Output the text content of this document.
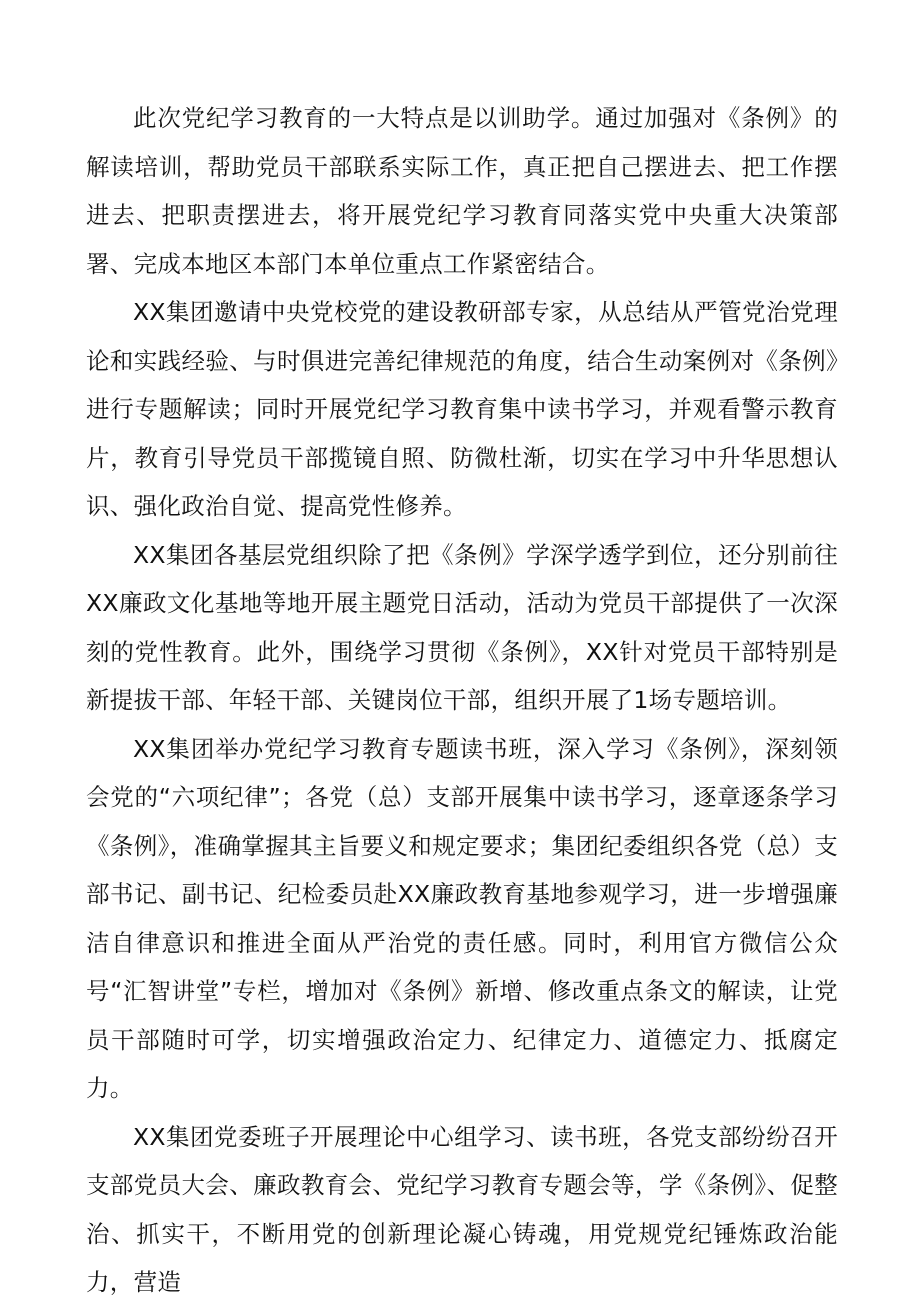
此次党纪学习教育的一大特点是以训助学。通过加强对《条例》的解读培训，帮助党员干部联系实际工作，真正把自己摆进去、把工作摆进去、把职责摆进去，将开展党纪学习教育同落实党中央重大决策部署、完成本地区本部门本单位重点工作紧密结合。

XX集团邀请中央党校党的建设教研部专家，从总结从严管党治党理论和实践经验、与时俱进完善纪律规范的角度，结合生动案例对《条例》进行专题解读；同时开展党纪学习教育集中读书学习，并观看警示教育片，教育引导党员干部揽镜自照、防微杜渐，切实在学习中升华思想认识、强化政治自觉、提高党性修养。

XX集团各基层党组织除了把《条例》学深学透学到位，还分别前往XX廉政文化基地等地开展主题党日活动，活动为党员干部提供了一次深刻的党性教育。此外，围绕学习贯彻《条例》，XX针对党员干部特别是新提拔干部、年轻干部、关键岗位干部，组织开展了1场专题培训。

XX集团举办党纪学习教育专题读书班，深入学习《条例》，深刻领会党的“六项纪律”；各党（总）支部开展集中读书学习，逐章逐条学习《条例》，准确掌握其主旨要义和规定要求；集团纪委组织各党（总）支部书记、副书记、纪检委员赴XX廉政教育基地参观学习，进一步增强廉洁自律意识和推进全面从严治党的责任感。同时，利用官方微信公众号“汇智讲堂”专栏，增加对《条例》新增、修改重点条文的解读，让党员干部随时可学，切实增强政治定力、纪律定力、道德定力、抵腐定力。

XX集团党委班子开展理论中心组学习、读书班，各党支部纷纷召开支部党员大会、廉政教育会、党纪学习教育专题会等，学《条例》、促整治、抓实干，不断用党的创新理论凝心铸魂，用党规党纪锤炼政治能力，营造
